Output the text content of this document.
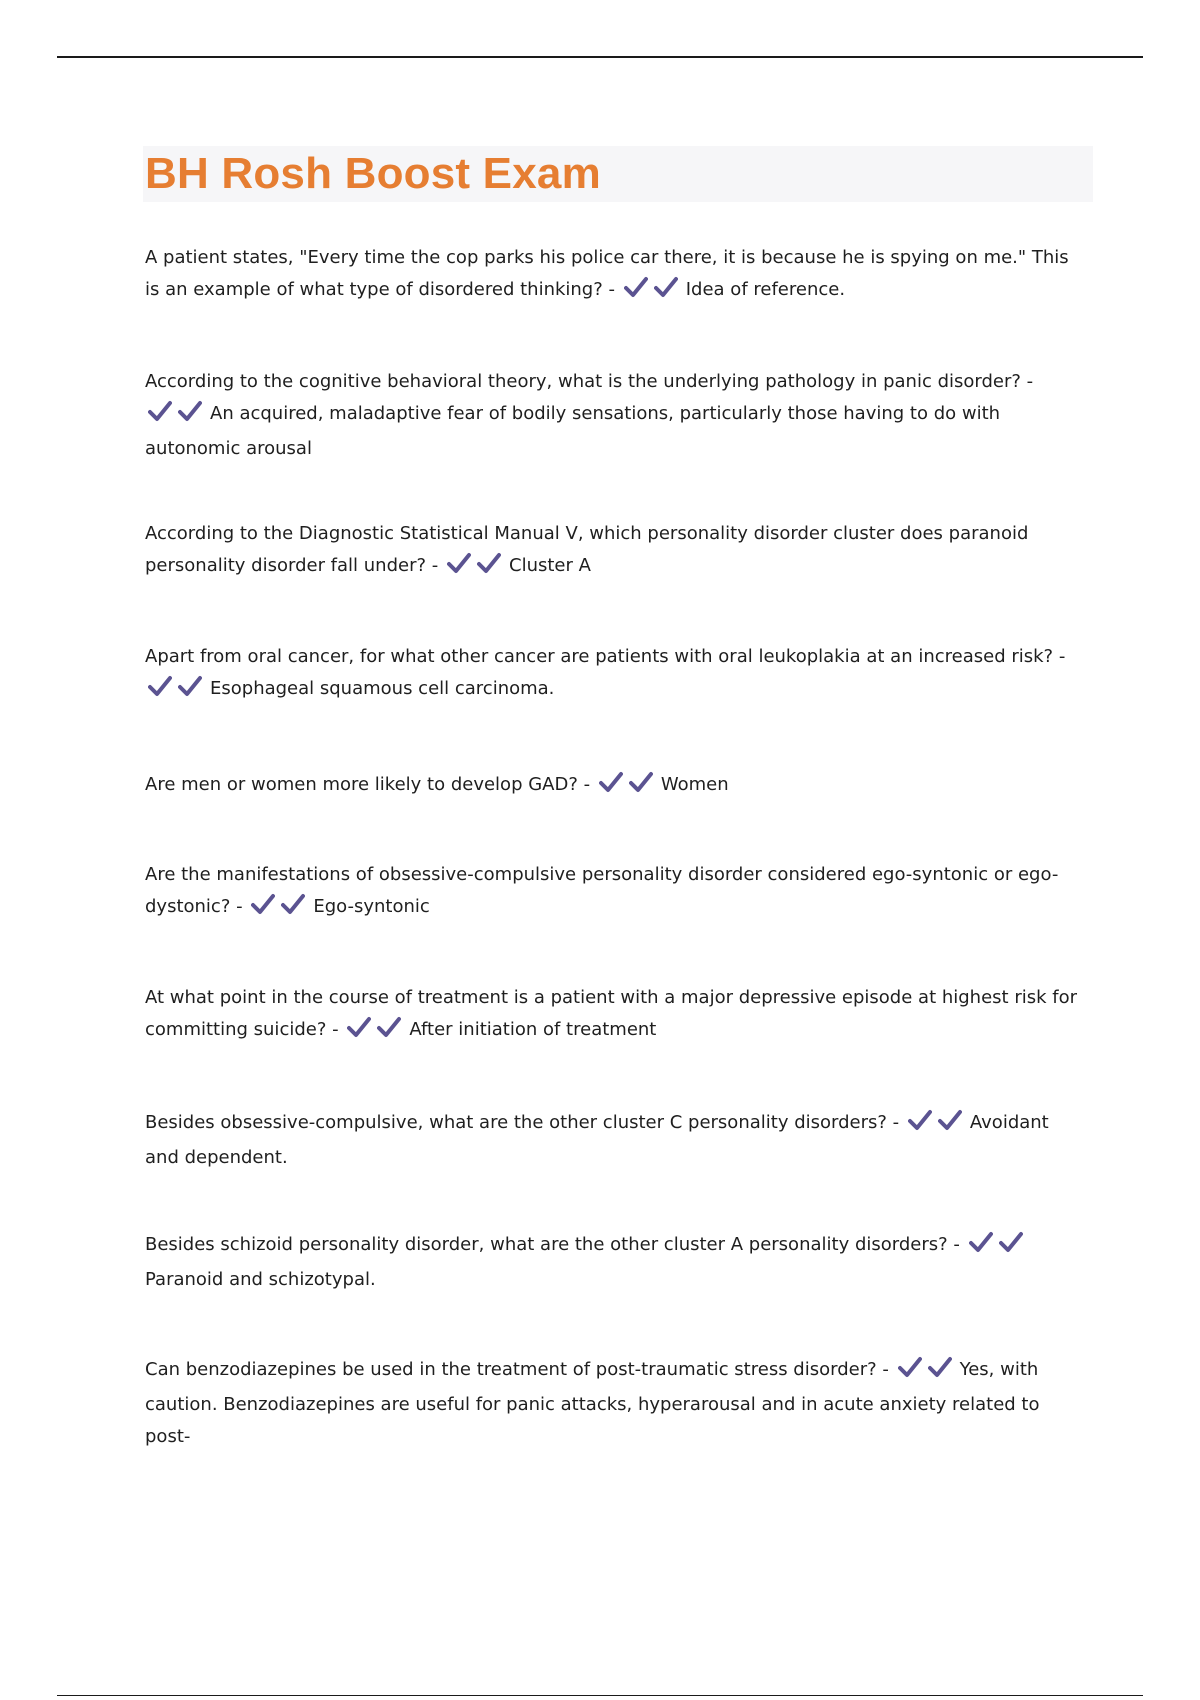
BH Rosh Boost Exam

A patient states, "Every time the cop parks his police car there, it is because he is spying on me." This is an example of what type of disordered thinking? -	Idea of reference.

According to the cognitive behavioral theory, what is the underlying pathology in panic disorder? -
An acquired, maladaptive fear of bodily sensations, particularly those having to do with autonomic arousal

According to the Diagnostic Statistical Manual V, which personality disorder cluster does paranoid personality disorder fall under? -	Cluster A

Apart from oral cancer, for what other cancer are patients with oral leukoplakia at an increased risk? -
Esophageal squamous cell carcinoma.

Are men or women more likely to develop GAD? -	Women

Are the manifestations of obsessive-compulsive personality disorder considered ego-syntonic or ego-dystonic? -	Ego-syntonic

At what point in the course of treatment is a patient with a major depressive episode at highest risk for committing suicide? -	After initiation of treatment

Besides obsessive-compulsive, what are the other cluster C personality disorders? -	Avoidant and dependent.

Besides schizoid personality disorder, what are the other cluster A personality disorders? -
Paranoid and schizotypal.

Can benzodiazepines be used in the treatment of post-traumatic stress disorder? -	Yes, with caution. Benzodiazepines are useful for panic attacks, hyperarousal and in acute anxiety related to post-
